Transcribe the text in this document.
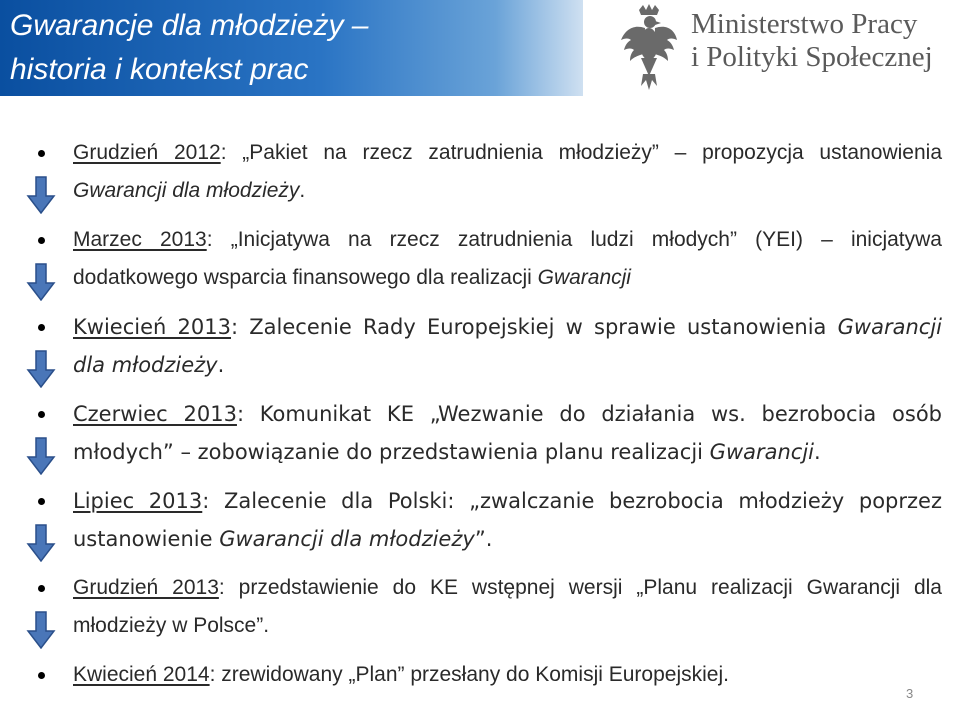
Gwarancje dla młodzieży –
historia i kontekst prac
Ministerstwo Pracy
i Polityki Społecznej

Grudzień 2012: „Pakiet na rzecz zatrudnienia młodzieży” – propozycja ustanowienia Gwarancji dla młodzieży.

Marzec 2013: „Inicjatywa na rzecz zatrudnienia ludzi młodych” (YEI) – inicjatywa dodatkowego wsparcia finansowego dla realizacji Gwarancji

Kwiecień 2013: Zalecenie Rady Europejskiej w sprawie ustanowienia Gwarancji dla młodzieży.

Czerwiec 2013: Komunikat KE „Wezwanie do działania ws. bezrobocia osób młodych” – zobowiązanie do przedstawienia planu realizacji Gwarancji.

Lipiec 2013: Zalecenie dla Polski: „zwalczanie bezrobocia młodzieży poprzez ustanowienie Gwarancji dla młodzieży”.

Grudzień 2013: przedstawienie do KE wstępnej wersji „Planu realizacji Gwarancji dla młodzieży w Polsce”.

Kwiecień 2014: zrewidowany „Plan” przesłany do Komisji Europejskiej.

3
